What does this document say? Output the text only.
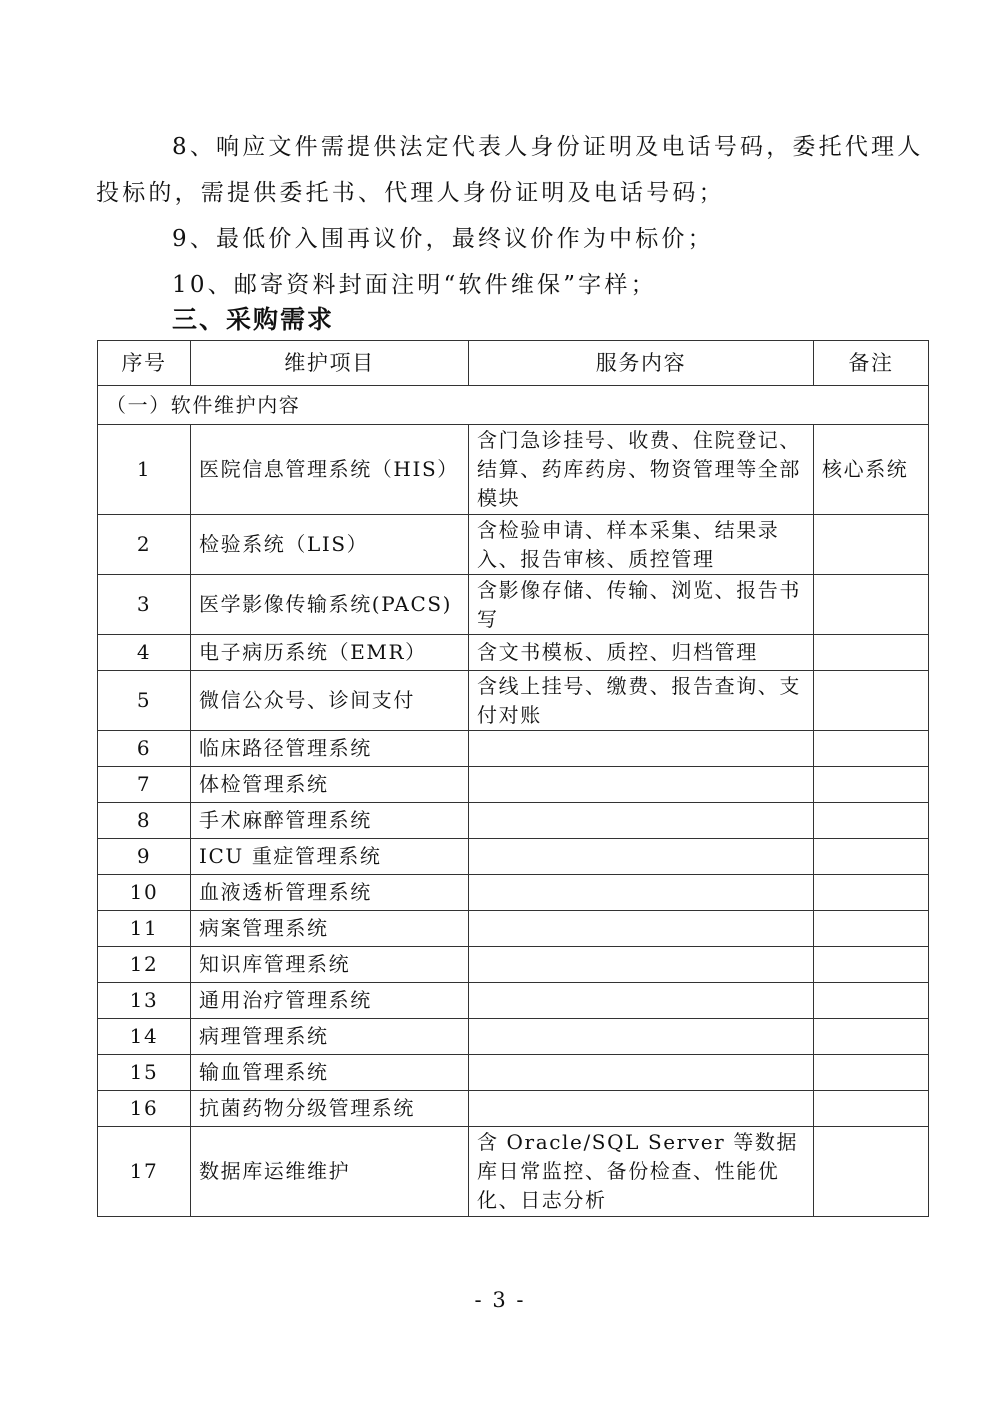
8、响应文件需提供法定代表人身份证明及电话号码，委托代理人投标的，需提供委托书、代理人身份证明及电话号码；

9、最低价入围再议价，最终议价作为中标价；

10、邮寄资料封面注明“软件维保”字样；

三、采购需求
序号	维护项目	服务内容	备注
（一）软件维护内容			
1	医院信息管理系统（HIS）	含门急诊挂号、收费、住院登记、结算、药库药房、物资管理等全部模块	核心系统
2	检验系统（LIS）	含检验申请、样本采集、结果录入、报告审核、质控管理	
3	医学影像传输系统(PACS)	含影像存储、传输、浏览、报告书写	
4	电子病历系统（EMR）	含文书模板、质控、归档管理	
5	微信公众号、诊间支付	含线上挂号、缴费、报告查询、支付对账	
6	临床路径管理系统		
7	体检管理系统		
8	手术麻醉管理系统		
9	ICU 重症管理系统		
10	血液透析管理系统		
11	病案管理系统		
12	知识库管理系统		
13	通用治疗管理系统		
14	病理管理系统		
15	输血管理系统		
16	抗菌药物分级管理系统		
17	数据库运维维护	含 Oracle/SQL Server 等数据库日常监控、备份检查、性能优化、日志分析	
- 3 -
